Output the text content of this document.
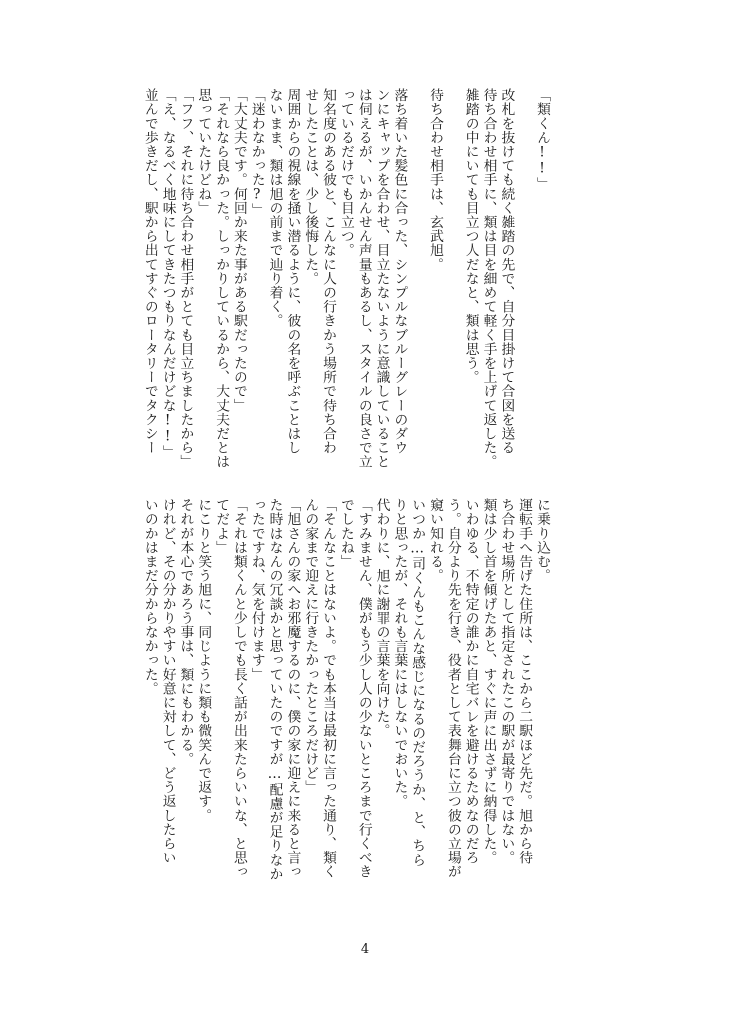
「類くん!!」
改札を抜けても続く雑踏の先で、自分目掛けて合図を送る
待ち合わせ相手に、類は目を細めて軽く手を上げて返した。
雑踏の中にいても目立つ人だなと、類は思う。
待ち合わせ相手は、玄武旭。
落ち着いた髪色に合った、シンプルなブルーグレーのダウ
ンにキャップを合わせ、目立たないように意識していること
は伺えるが、いかんせん声量もあるし、スタイルの良さで立
っているだけでも目立つ。
知名度のある彼と、こんなに人の行きかう場所で待ち合わ
せしたことは、少し後悔した。
周囲からの視線を掻い潜るように、彼の名を呼ぶことはし
ないまま、類は旭の前まで辿り着く。
「迷わなかった?」
「大丈夫です。何回か来た事がある駅だったので」
「それなら良かった。しっかりしているから、大丈夫だとは
思っていたけどね」
「フフ、それに待ち合わせ相手がとても目立ちましたから」
「え、なるべく地味にしてきたつもりなんだけどな!!」
並んで歩きだし、駅から出てすぐのロータリーでタクシー
に乗り込む。
運転手へ告げた住所は、ここから二駅ほど先だ。旭から待
ち合わせ場所として指定されたこの駅が最寄りではない。
類は少し首を傾げたあと、すぐに声に出さずに納得した。
いわゆる、不特定の誰かに自宅バレを避けるためなのだろ
う。自分より先を行き、役者として表舞台に立つ彼の立場が
窺い知れる。
いつか…司くんもこんな感じになるのだろうか、と、ちら
りと思ったが、それも言葉にはしないでおいた。
代わりに、旭に謝罪の言葉を向けた。
「すみません、僕がもう少し人の少ないところまで行くべき
でしたね」
「そんなことはないよ。でも本当は最初に言った通り、類く
んの家まで迎えに行きたかったところだけど」
「旭さんの家へお邪魔するのに、僕の家に迎えに来ると言っ
た時はなんの冗談かと思っていたのですが…配慮が足りなか
ったですね、気を付けます」
「それは類くんと少しでも長く話が出来たらいいな、と思っ
てだよ」
にこりと笑う旭に、同じように類も微笑んで返す。
それが本心であろう事は、類にもわかる。
けれど、その分かりやすい好意に対して、どう返したらい
いのかはまだ分からなかった。
4
